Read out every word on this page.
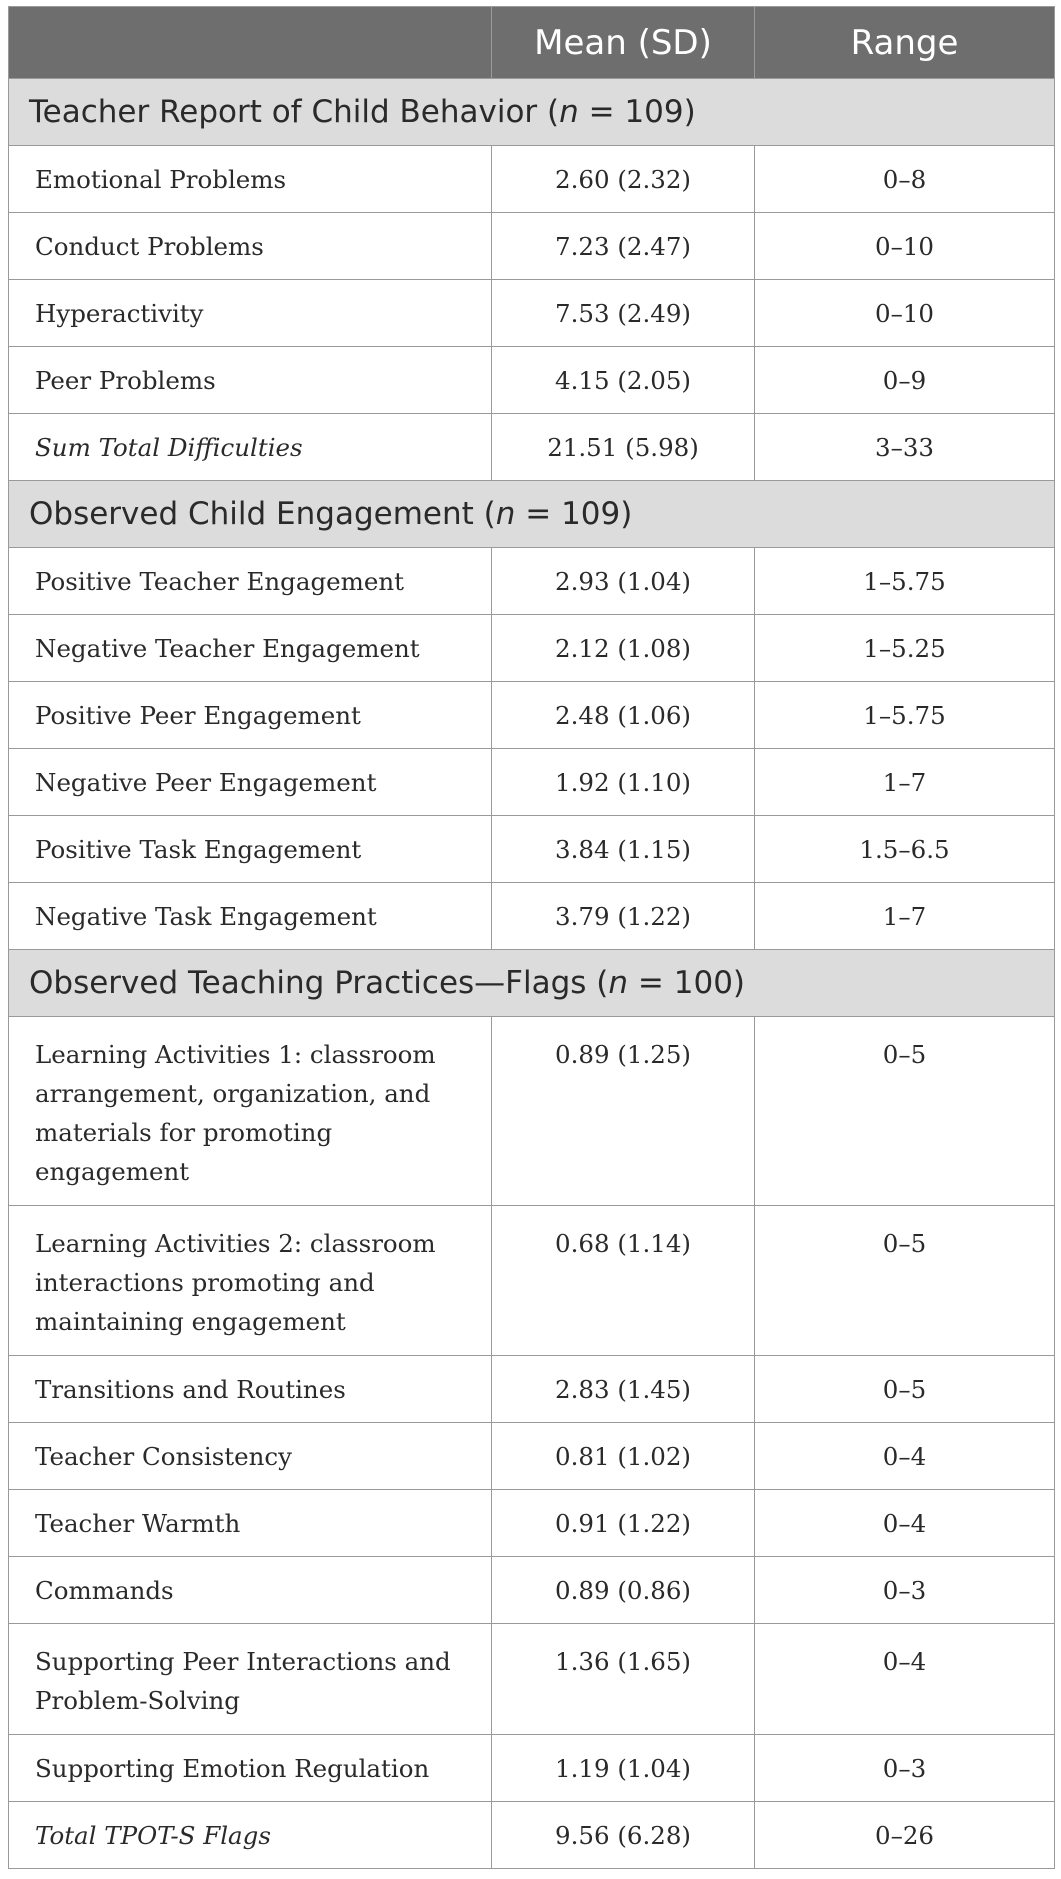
	Mean (SD)	Range
Teacher Report of Child Behavior (n = 109)		
Emotional Problems	2.60 (2.32)	0–8
Conduct Problems	7.23 (2.47)	0–10
Hyperactivity	7.53 (2.49)	0–10
Peer Problems	4.15 (2.05)	0–9
Sum Total Difficulties	21.51 (5.98)	3–33
Observed Child Engagement (n = 109)		
Positive Teacher Engagement	2.93 (1.04)	1–5.75
Negative Teacher Engagement	2.12 (1.08)	1–5.25
Positive Peer Engagement	2.48 (1.06)	1–5.75
Negative Peer Engagement	1.92 (1.10)	1–7
Positive Task Engagement	3.84 (1.15)	1.5–6.5
Negative Task Engagement	3.79 (1.22)	1–7
Observed Teaching Practices—Flags (n = 100)		
Learning Activities 1: classroom arrangement, organization, and materials for promoting engagement	0.89 (1.25)	0–5
Learning Activities 2: classroom interactions promoting and maintaining engagement	0.68 (1.14)	0–5
Transitions and Routines	2.83 (1.45)	0–5
Teacher Consistency	0.81 (1.02)	0–4
Teacher Warmth	0.91 (1.22)	0–4
Commands	0.89 (0.86)	0–3
Supporting Peer Interactions and Problem-Solving	1.36 (1.65)	0–4
Supporting Emotion Regulation	1.19 (1.04)	0–3
Total TPOT-S Flags	9.56 (6.28)	0–26
